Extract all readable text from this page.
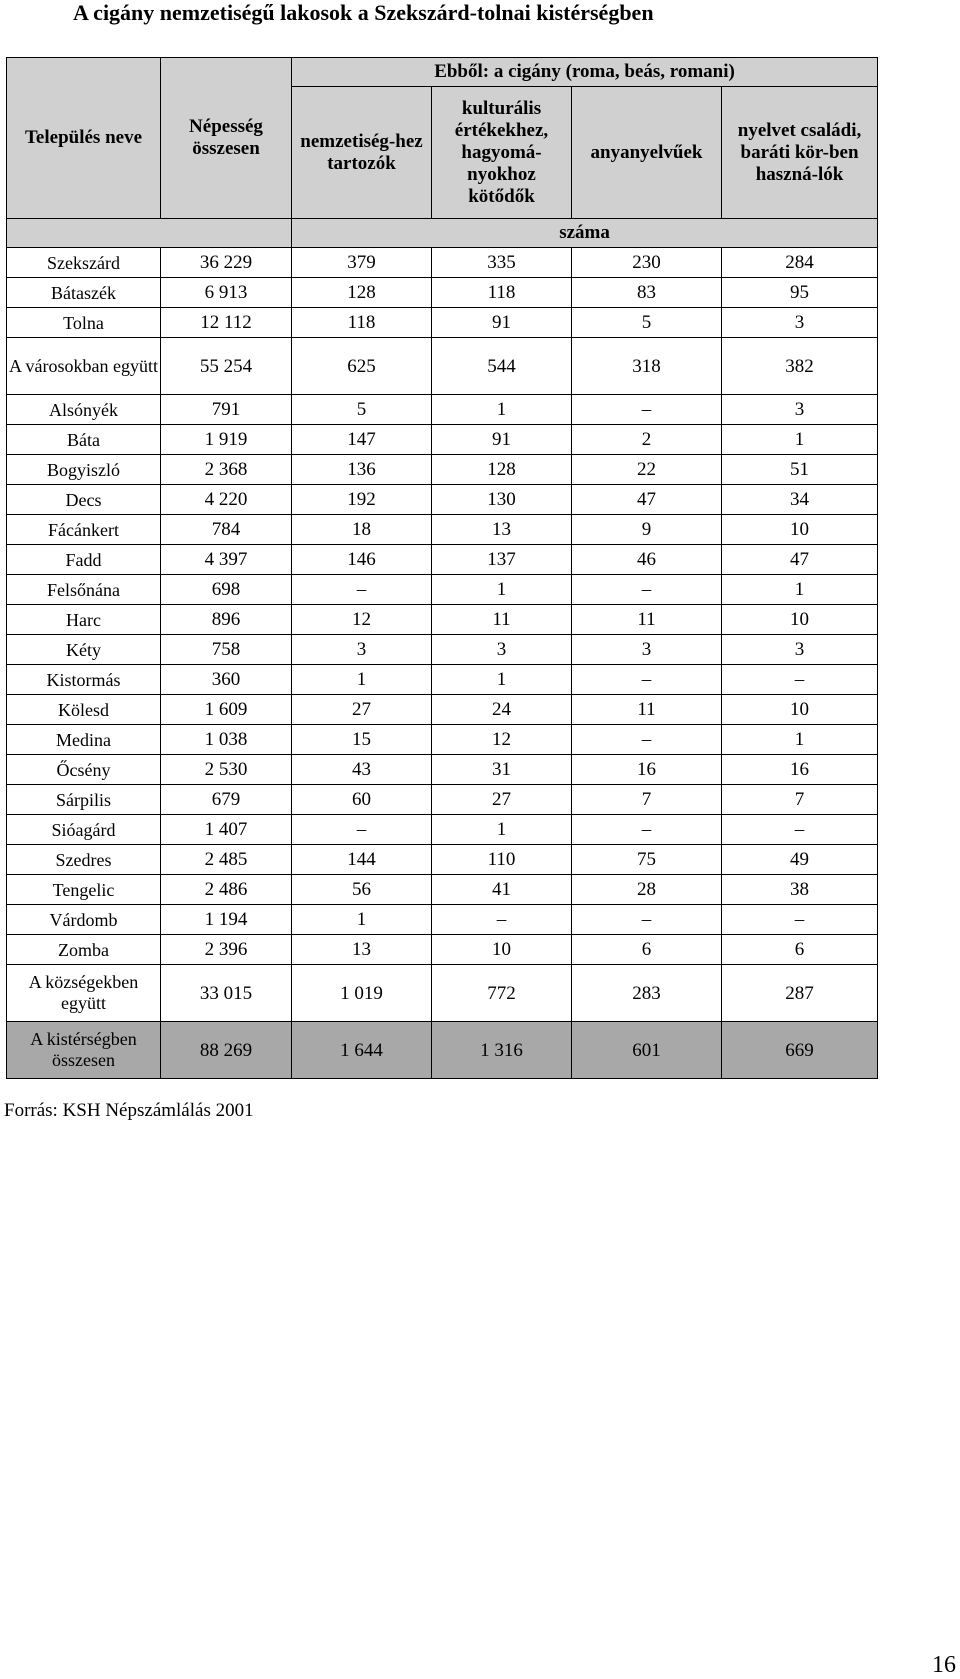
A cigány nemzetiségű lakosok a Szekszárd-tolnai kistérségben
Település neve	Népesség összesen	Ebből: a cigány (roma, beás, romani)			
		nemzetiség-hez tartozók	kulturális értékekhez, hagyomá-nyokhoz kötődők	anyanyelvűek	nyelvet családi, baráti kör-ben haszná-lók
		száma			
Szekszárd	36 229	379	335	230	284
Bátaszék	6 913	128	118	83	95
Tolna	12 112	118	91	5	3
A városokban együtt	55 254	625	544	318	382
Alsónyék	791	5	1	–	3
Báta	1 919	147	91	2	1
Bogyiszló	2 368	136	128	22	51
Decs	4 220	192	130	47	34
Fácánkert	784	18	13	9	10
Fadd	4 397	146	137	46	47
Felsőnána	698	–	1	–	1
Harc	896	12	11	11	10
Kéty	758	3	3	3	3
Kistormás	360	1	1	–	–
Kölesd	1 609	27	24	11	10
Medina	1 038	15	12	–	1
Őcsény	2 530	43	31	16	16
Sárpilis	679	60	27	7	7
Sióagárd	1 407	–	1	–	–
Szedres	2 485	144	110	75	49
Tengelic	2 486	56	41	28	38
Várdomb	1 194	1	–	–	–
Zomba	2 396	13	10	6	6
A községekben együtt	33 015	1 019	772	283	287
A kistérségben összesen	88 269	1 644	1 316	601	669
Forrás: KSH Népszámlálás 2001
16
